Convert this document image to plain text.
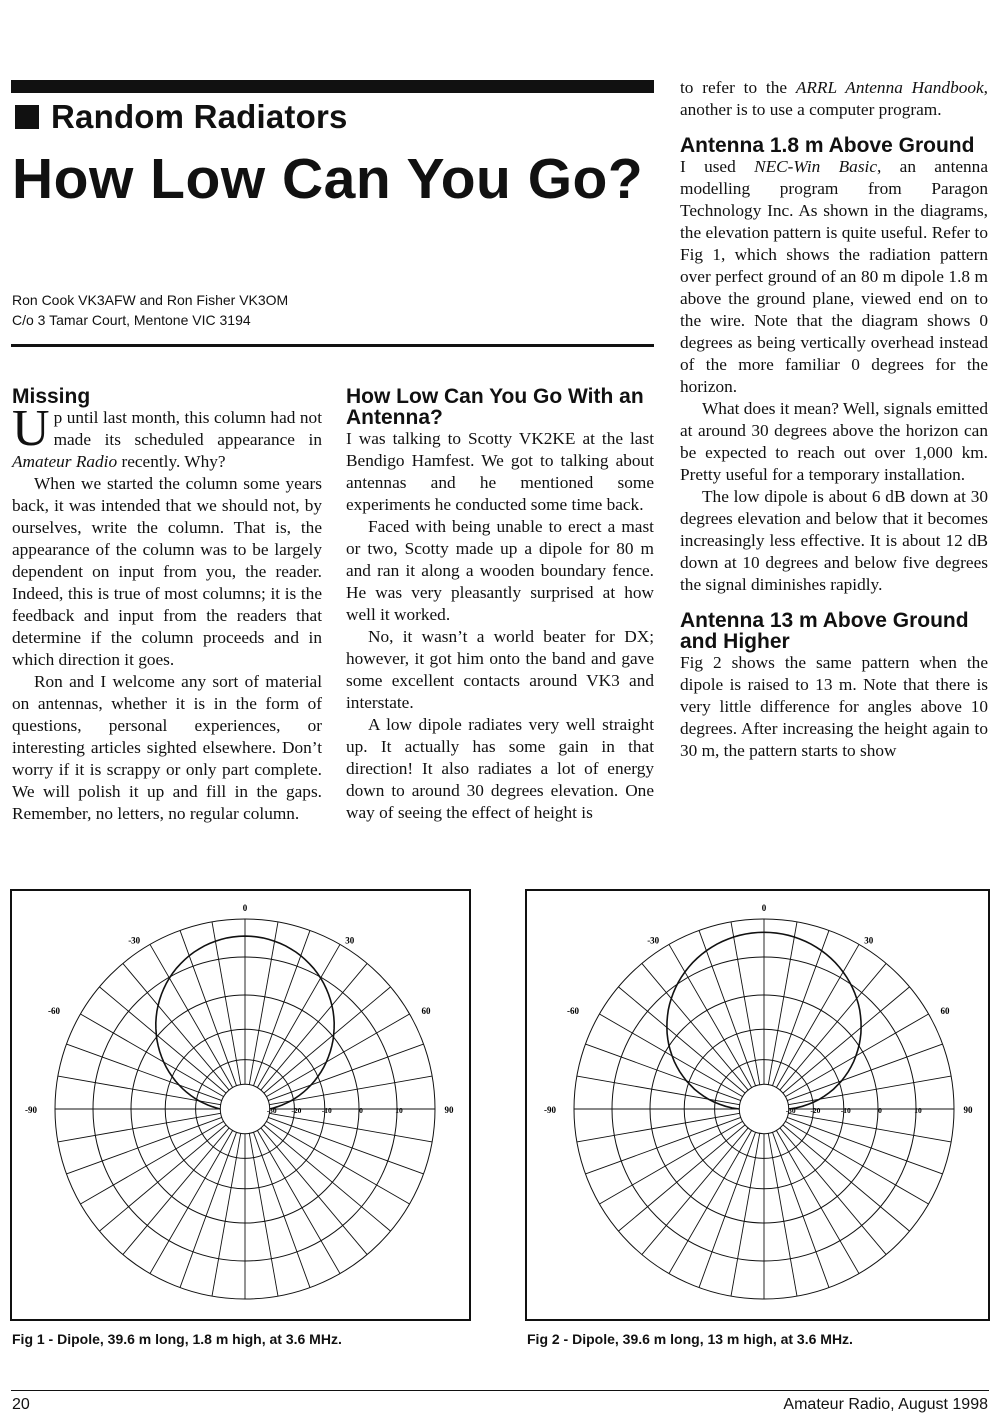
Random Radiators
How Low Can You Go?
Ron Cook VK3AFW and Ron Fisher VK3OM
C/o 3 Tamar Court, Mentone VIC 3194
Missing

Up until last month, this column had not made its scheduled appearance in Amateur Radio recently. Why?

When we started the column some years back, it was intended that we should not, by ourselves, write the column. That is, the appearance of the column was to be largely dependent on input from you, the reader. Indeed, this is true of most columns; it is the feedback and input from the readers that determine if the column proceeds and in which direction it goes.

Ron and I welcome any sort of material on antennas, whether it is in the form of questions, personal experiences, or interesting articles sighted elsewhere. Don’t worry if it is scrappy or only part complete. We will polish it up and fill in the gaps. Remember, no letters, no regular column.

How Low Can You Go With an Antenna?

I was talking to Scotty VK2KE at the last Bendigo Hamfest. We got to talking about antennas and he mentioned some experiments he conducted some time back.

Faced with being unable to erect a mast or two, Scotty made up a dipole for 80 m and ran it along a wooden boundary fence. He was very pleasantly surprised at how well it worked.

No, it wasn’t a world beater for DX; however, it got him onto the band and gave some excellent contacts around VK3 and interstate.

A low dipole radiates very well straight up. It actually has some gain in that direction! It also radiates a lot of energy down to around 30 degrees elevation. One way of seeing the effect of height is

to refer to the ARRL Antenna Handbook, another is to use a computer program.

Antenna 1.8 m Above Ground

I used NEC-Win Basic, an antenna modelling program from Paragon Technology Inc. As shown in the diagrams, the elevation pattern is quite useful. Refer to Fig 1, which shows the radiation pattern over perfect ground of an 80 m dipole 1.8 m above the ground plane, viewed end on to the wire. Note that the diagram shows 0 degrees as being vertically overhead instead of the more familiar 0 degrees for the horizon.

What does it mean? Well, signals emitted at around 30 degrees above the horizon can be expected to reach out over 1,000 km. Pretty useful for a temporary installation.

The low dipole is about 6 dB down at 30 degrees elevation and below that it becomes increasingly less effective. It is about 12 dB down at 10 degrees and below five degrees the signal diminishes rapidly.

Antenna 13 m Above Ground and Higher

Fig 2 shows the same pattern when the dipole is raised to 13 m. Note that there is very little difference for angles above 10 degrees. After increasing the height again to 30 m, the pattern starts to show

0
30
60
90
-30
-60
-90	-30 -20	-10	0	10
Fig 1 - Dipole, 39.6 m long, 1.8 m high, at 3.6 MHz.
0
30
60
90
-30
-60
-90	-30 -20	-10	0	10
Fig 2 - Dipole, 39.6 m long, 13 m high, at 3.6 MHz.
20	Amateur Radio, August 1998
